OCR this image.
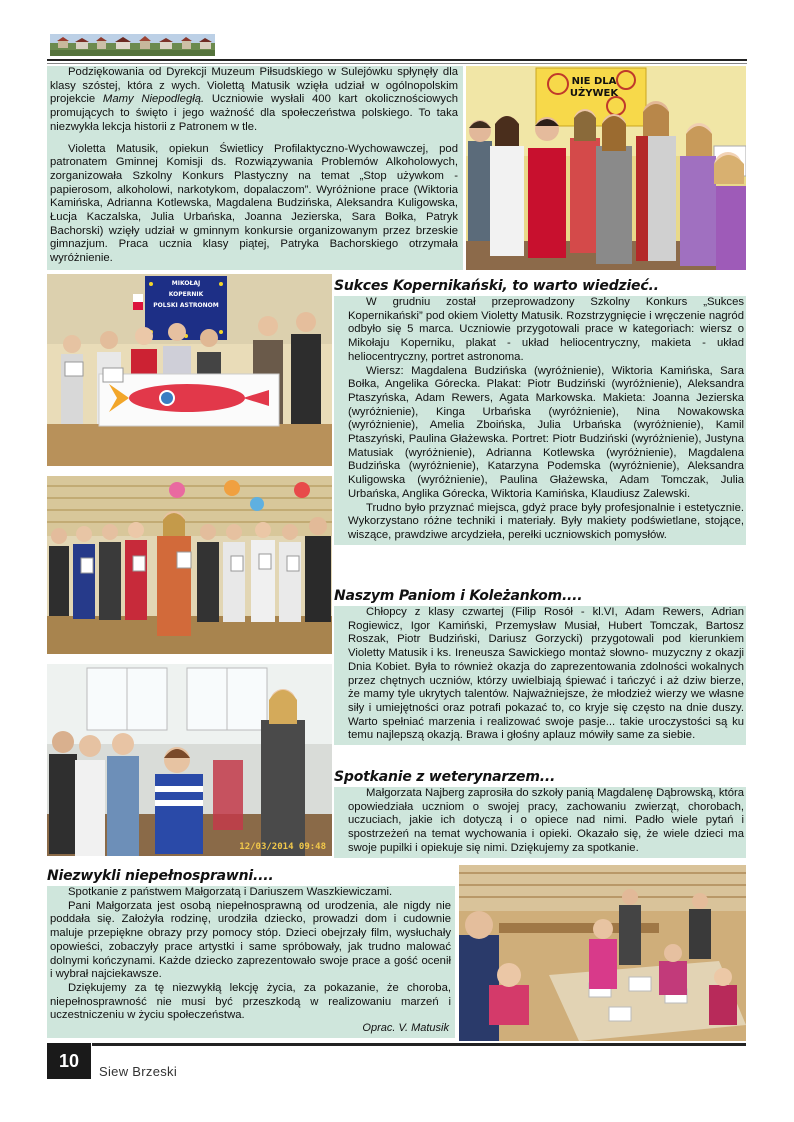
Podziękowania od Dyrekcji Muzeum Piłsudskiego w Sulejówku spłynęły dla klasy szóstej, która z wych. Violettą Matusik wzięła udział w ogólnopolskim projekcie Mamy Niepodległą. Uczniowie wysłali 400 kart okolicznościowych promujących to święto i jego ważność dla społeczeństwa polskiego. To taka niezwykła lekcja historii z Patronem w tle.

Violetta Matusik, opiekun Świetlicy Profilaktyczno-Wychowawczej, pod patronatem Gminnej Komisji ds. Rozwiązywania Problemów Alkoholowych, zorganizowała Szkolny Konkurs Plastyczny na temat „Stop używkom - papierosom, alkoholowi, narkotykom, dopalaczom”. Wyróżnione prace (Wiktoria Kamińska, Adrianna Kotlewska, Magdalena Budzińska, Aleksandra Kuligowska, Łucja Kaczalska, Julia Urbańska, Joanna Jezierska, Sara Bołka, Patryk Bachorski) wzięły udział w gminnym konkursie organizowanym przez brzeskie gimnazjum. Praca ucznia klasy piątej, Patryka Bachorskiego otrzymała wyróżnienie.

NIE DLA
UŻYWEK
MIKOŁAJ
KOPERNIK
POLSKI ASTRONOM
12/03/2014 09:48
Sukces Kopernikański, to warto wiedzieć..

W grudniu został przeprowadzony Szkolny Konkurs „Sukces Kopernikański” pod okiem Violetty Matusik. Rozstrzygnięcie i wręczenie nagród odbyło się 5 marca. Uczniowie przygotowali prace w kategoriach: wiersz o Mikołaju Koperniku, plakat - układ heliocentryczny, makieta - układ heliocentryczny, portret astronoma.

Wiersz: Magdalena Budzińska (wyróżnienie), Wiktoria Kamińska, Sara Bołka, Angelika Górecka. Plakat: Piotr Budziński (wyróżnienie), Aleksandra Ptaszyńska, Adam Rewers, Agata Markowska. Makieta: Joanna Jezierska (wyróżnienie), Kinga Urbańska (wyróżnienie), Nina Nowakowska (wyróżnienie), Amelia Zboińska, Julia Urbańska (wyróżnienie), Kamil Ptaszyński, Paulina Głażewska. Portret: Piotr Budziński (wyróżnienie), Justyna Matusiak (wyróżnienie), Adrianna Kotlewska (wyróżnienie), Magdalena Budzińska (wyróżnienie), Katarzyna Podemska (wyróżnienie), Aleksandra Kuligowska (wyróżnienie), Paulina Głażewska, Adam Tomczak, Julia Urbańska, Anglika Górecka, Wiktoria Kamińska, Klaudiusz Zalewski.

Trudno było przyznać miejsca, gdyż prace były profesjonalnie i estetycznie. Wykorzystano różne techniki i materiały. Były makiety podświetlane, stojące, wiszące, prawdziwe arcydzieła, perełki uczniowskich pomysłów.

Naszym Paniom i Koleżankom....

Chłopcy z klasy czwartej (Filip Rosół - kl.VI, Adam Rewers, Adrian Rogiewicz, Igor Kamiński, Przemysław Musiał, Hubert Tomczak, Bartosz Roszak, Piotr Budziński, Dariusz Gorzycki) przygotowali pod kierunkiem Violetty Matusik i ks. Ireneusza Sawickiego montaż słowno- muzyczny z okazji Dnia Kobiet. Była to również okazja do zaprezentowania zdolności wokalnych przez chętnych uczniów, którzy uwielbiają śpiewać i tańczyć i aż dziw bierze, że mamy tyle ukrytych talentów. Najważniejsze, że młodzież wierzy we własne siły i umiejętności oraz potrafi pokazać to, co kryje się często na dnie duszy. Warto spełniać marzenia i realizować swoje pasje... takie uroczystości są ku temu najlepszą okazją. Brawa i głośny aplauz mówiły same za siebie.

Spotkanie z weterynarzem...

Małgorzata Najberg zaprosiła do szkoły panią Magdalenę Dąbrowską, która opowiedziała uczniom o swojej pracy, zachowaniu zwierząt, chorobach, uczuciach, jakie ich dotyczą i o opiece nad nimi. Padło wiele pytań i spostrzeżeń na temat wychowania i opieki. Okazało się, że wiele dzieci ma swoje pupilki i opiekuje się nimi. Dziękujemy za spotkanie.

Niezwykli niepełnosprawni....

Spotkanie z państwem Małgorzatą i Dariuszem Waszkiewiczami.

Pani Małgorzata jest osobą niepełnosprawną od urodzenia, ale nigdy nie poddała się. Założyła rodzinę, urodziła dziecko, prowadzi dom i cudownie maluje przepiękne obrazy przy pomocy stóp. Dzieci obejrzały film, wysłuchały opowieści, zobaczyły prace artystki i same spróbowały, jak trudno malować dolnymi kończynami. Każde dziecko zaprezentowało swoje prace a gość ocenił i wybrał najciekawsze.

Dziękujemy za tę niezwykłą lekcję życia, za pokazanie, że choroba, niepełnosprawność nie musi być przeszkodą w realizowaniu marzeń i uczestniczeniu w życiu społeczeństwa.

Oprac. V. Matusik
10
Siew Brzeski
